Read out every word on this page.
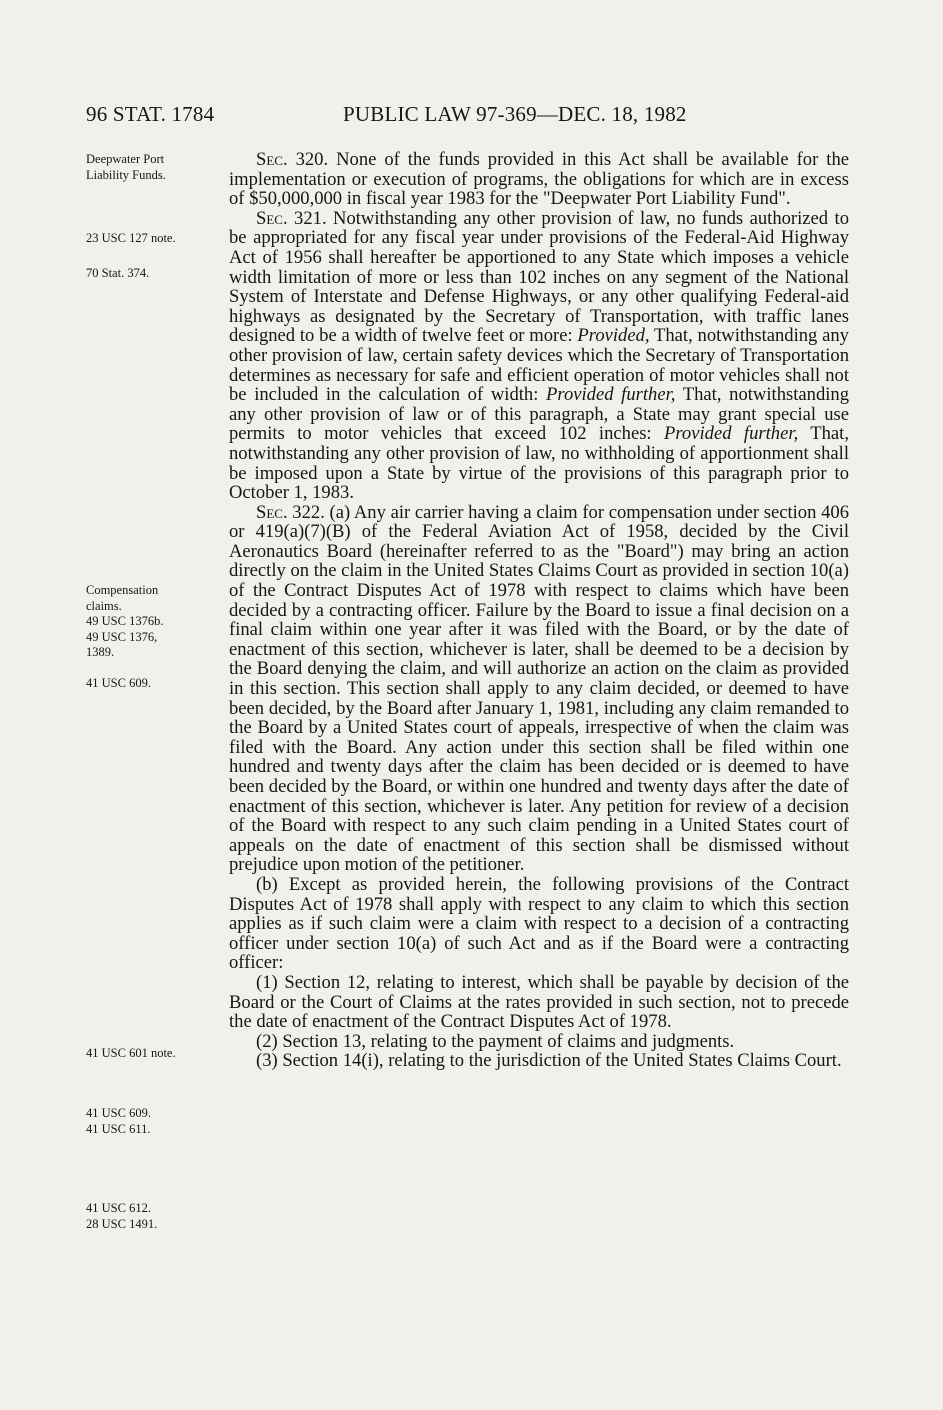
96 STAT. 1784	PUBLIC LAW 97-369—DEC. 18, 1982
Deepwater Port
Liability Funds.
23 USC 127 note.
70 Stat. 374.
Compensation
claims.
49 USC 1376b.
49 USC 1376,
1389.
41 USC 609.
41 USC 601 note.
41 USC 609.
41 USC 611.
41 USC 612.
28 USC 1491.

Sec. 320. None of the funds provided in this Act shall be available for the implementation or execution of programs, the obligations for which are in excess of $50,000,000 in fiscal year 1983 for the "Deepwater Port Liability Fund".

Sec. 321. Notwithstanding any other provision of law, no funds authorized to be appropriated for any fiscal year under provisions of the Federal-Aid Highway Act of 1956 shall hereafter be apportioned to any State which imposes a vehicle width limitation of more or less than 102 inches on any segment of the National System of Interstate and Defense Highways, or any other qualifying Federal-aid highways as designated by the Secretary of Transportation, with traffic lanes designed to be a width of twelve feet or more: Provided, That, notwithstanding any other provision of law, certain safety devices which the Secretary of Transportation determines as necessary for safe and efficient operation of motor vehicles shall not be included in the calculation of width: Provided further, That, notwithstanding any other provision of law or of this paragraph, a State may grant special use permits to motor vehicles that exceed 102 inches: Provided further, That, notwithstanding any other provision of law, no withholding of apportionment shall be imposed upon a State by virtue of the provisions of this paragraph prior to October 1, 1983.

Sec. 322. (a) Any air carrier having a claim for compensation under section 406 or 419(a)(7)(B) of the Federal Aviation Act of 1958, decided by the Civil Aeronautics Board (hereinafter referred to as the "Board") may bring an action directly on the claim in the United States Claims Court as provided in section 10(a) of the Contract Disputes Act of 1978 with respect to claims which have been decided by a contracting officer. Failure by the Board to issue a final decision on a final claim within one year after it was filed with the Board, or by the date of enactment of this section, whichever is later, shall be deemed to be a decision by the Board denying the claim, and will authorize an action on the claim as provided in this section. This section shall apply to any claim decided, or deemed to have been decided, by the Board after January 1, 1981, including any claim remanded to the Board by a United States court of appeals, irrespective of when the claim was filed with the Board. Any action under this section shall be filed within one hundred and twenty days after the claim has been decided or is deemed to have been decided by the Board, or within one hundred and twenty days after the date of enactment of this section, whichever is later. Any petition for review of a decision of the Board with respect to any such claim pending in a United States court of appeals on the date of enactment of this section shall be dismissed without prejudice upon motion of the petitioner.

(b) Except as provided herein, the following provisions of the Contract Disputes Act of 1978 shall apply with respect to any claim to which this section applies as if such claim were a claim with respect to a decision of a contracting officer under section 10(a) of such Act and as if the Board were a contracting officer:

(1) Section 12, relating to interest, which shall be payable by decision of the Board or the Court of Claims at the rates provided in such section, not to precede the date of enactment of the Contract Disputes Act of 1978.

(2) Section 13, relating to the payment of claims and judgments.

(3) Section 14(i), relating to the jurisdiction of the United States Claims Court.
